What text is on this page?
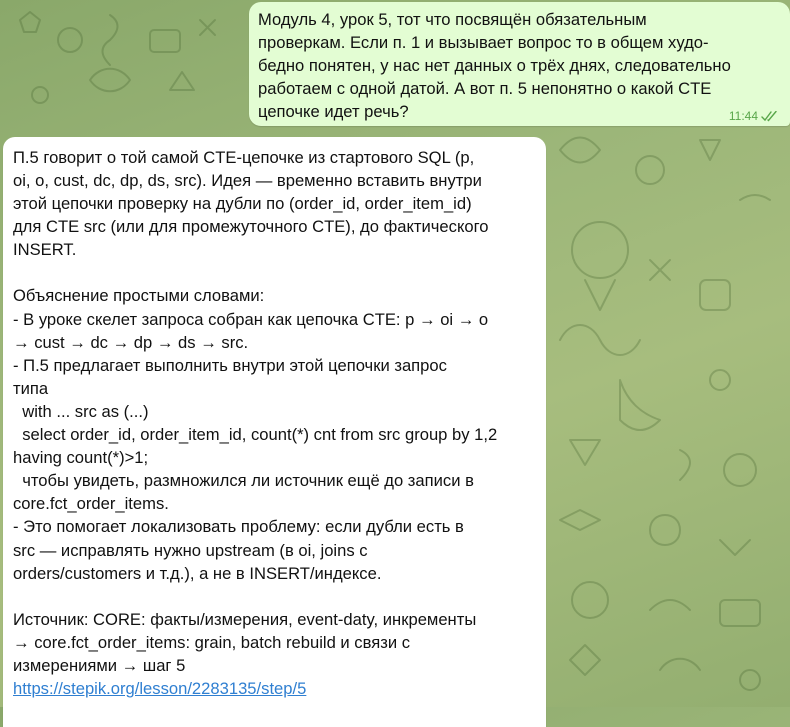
Модуль 4, урок 5, тот что посвящён обязательным
проверкам. Если п. 1 и вызывает вопрос то в общем худо-
бедно понятен, у нас нет данных о трёх днях, следовательно
работаем с одной датой. А вот п. 5 непонятно о какой CTE
цепочке идет речь?	11:44
П.5 говорит о той самой CTE-цепочке из стартового SQL (p,
oi, o, cust, dc, dp, ds, src). Идея — временно вставить внутри
этой цепочки проверку на дубли по (order_id, order_item_id)
для CTE src (или для промежуточного CTE), до фактического
INSERT.
Объяснение простыми словами:
- В уроке скелет запроса собран как цепочка CTE: p → oi → o
→ cust → dc → dp → ds → src.
- П.5 предлагает выполнить внутри этой цепочки запрос
типа
with ... src as (...)
select order_id, order_item_id, count(*) cnt from src group by 1,2
having count(*)>1;
чтобы увидеть, размножился ли источник ещё до записи в
core.fct_order_items.
- Это помогает локализовать проблему: если дубли есть в
src — исправлять нужно upstream (в oi, joins с
orders/customers и т.д.), а не в INSERT/индексе.
Источник: CORE: факты/измерения, event-daty, инкременты
→ core.fct_order_items: grain, batch rebuild и связи с
измерениями → шаг 5
https://stepik.org/lesson/2283135/step/5
